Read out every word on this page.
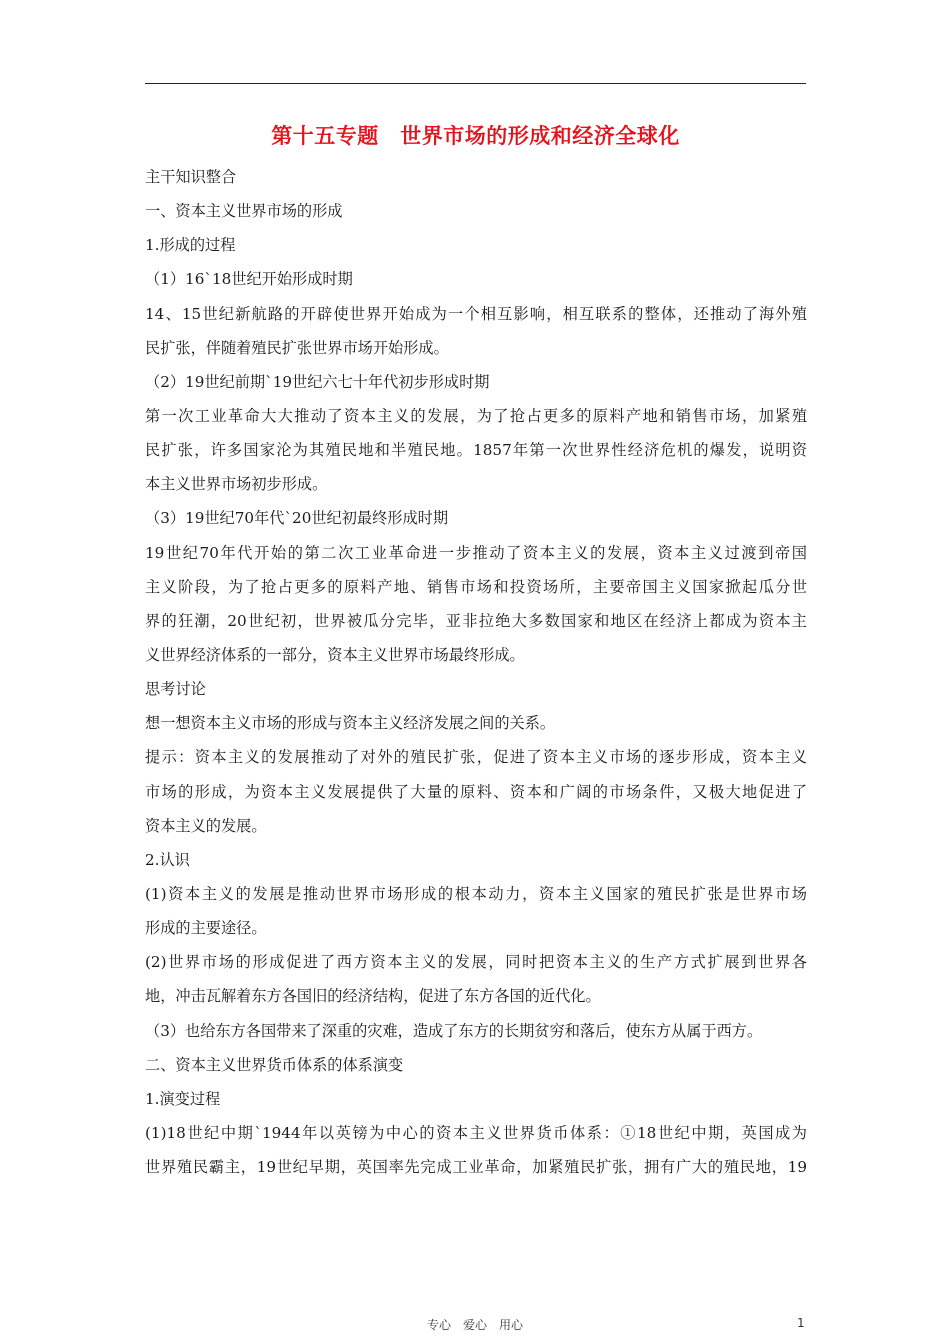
第十五专题　世界市场的形成和经济全球化
主干知识整合
一、资本主义世界市场的形成
1.形成的过程
（1）16`18世纪开始形成时期
14、15世纪新航路的开辟使世界开始成为一个相互影响，相互联系的整体，还推动了海外殖
民扩张，伴随着殖民扩张世界市场开始形成。
（2）19世纪前期`19世纪六七十年代初步形成时期
第一次工业革命大大推动了资本主义的发展，为了抢占更多的原料产地和销售市场，加紧殖
民扩张，许多国家沦为其殖民地和半殖民地。1857年第一次世界性经济危机的爆发，说明资
本主义世界市场初步形成。
（3）19世纪70年代`20世纪初最终形成时期
19世纪70年代开始的第二次工业革命进一步推动了资本主义的发展，资本主义过渡到帝国
主义阶段，为了抢占更多的原料产地、销售市场和投资场所，主要帝国主义国家掀起瓜分世
界的狂潮，20世纪初，世界被瓜分完毕，亚非拉绝大多数国家和地区在经济上都成为资本主
义世界经济体系的一部分，资本主义世界市场最终形成。
思考讨论
想一想资本主义市场的形成与资本主义经济发展之间的关系。
提示：资本主义的发展推动了对外的殖民扩张，促进了资本主义市场的逐步形成，资本主义
市场的形成，为资本主义发展提供了大量的原料、资本和广阔的市场条件，又极大地促进了
资本主义的发展。
2.认识
(1)资本主义的发展是推动世界市场形成的根本动力，资本主义国家的殖民扩张是世界市场
形成的主要途径。
(2)世界市场的形成促进了西方资本主义的发展，同时把资本主义的生产方式扩展到世界各
地，冲击瓦解着东方各国旧的经济结构，促进了东方各国的近代化。
（3）也给东方各国带来了深重的灾难，造成了东方的长期贫穷和落后，使东方从属于西方。
二、资本主义世界货币体系的体系演变
1.演变过程
(1)18世纪中期`1944年以英镑为中心的资本主义世界货币体系：①18世纪中期，英国成为
世界殖民霸主，19世纪早期，英国率先完成工业革命，加紧殖民扩张，拥有广大的殖民地，19
专心　爱心　用心	1
